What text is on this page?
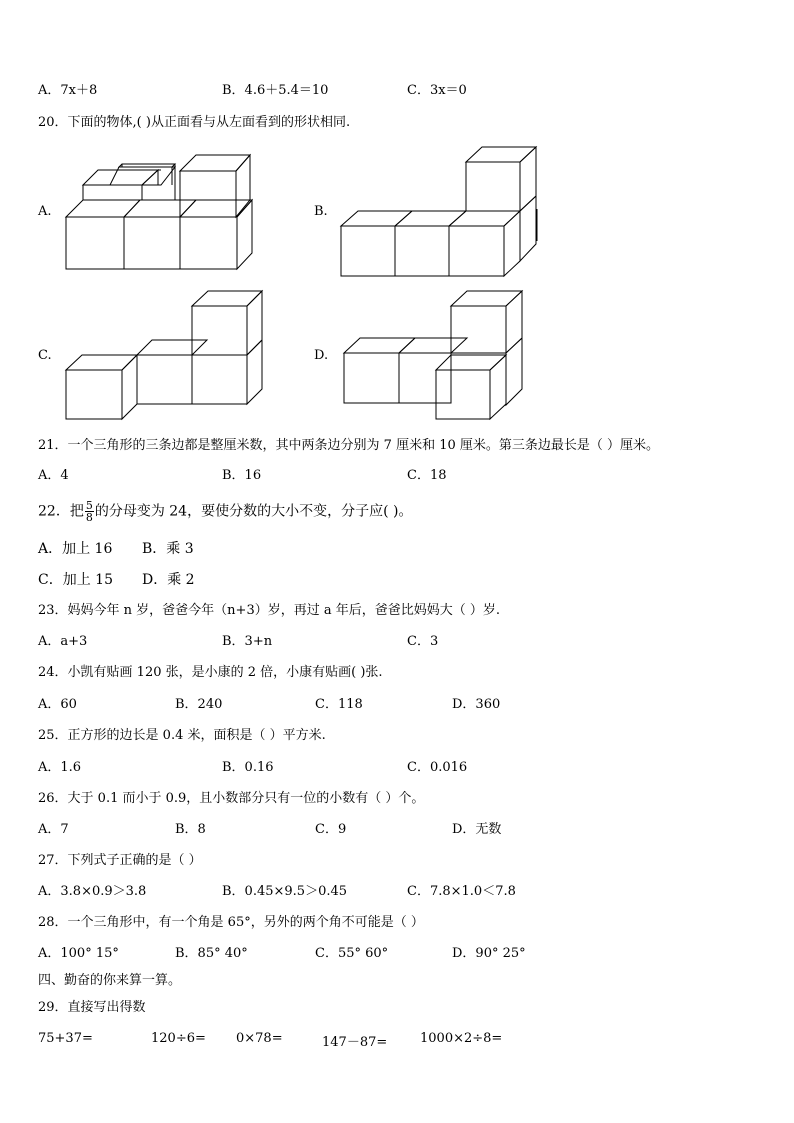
A．7x＋8	B．4.6＋5.4＝10	C．3x＝0
20．下面的物体,( )从正面看与从左面看到的形状相同.
A.	B.
C.	D.
21．一个三角形的三条边都是整厘米数，其中两条边分别为 7 厘米和 10 厘米。第三条边最长是（ ）厘米。
A．4	B．16	C．18
22．把 $\frac{5}{8}$ 的分母变为 24，要使分数的大小不变，分子应( )。
A．加上 16 B．乘 3
C．加上 15 D．乘 2
23．妈妈今年 n 岁，爸爸今年（n+3）岁，再过 a 年后，爸爸比妈妈大（ ）岁.
A．a+3	B．3+n	C．3
24．小凯有贴画 120 张，是小康的 2 倍，小康有贴画( )张.
A．60	B．240	C．118	D．360
25．正方形的边长是 0.4 米，面积是（ ）平方米.
A．1.6	B．0.16	C．0.016
26．大于 0.1 而小于 0.9，且小数部分只有一位的小数有（ ）个。
A．7	B．8	C．9	D．无数
27．下列式子正确的是（ ）
A．3.8×0.9＞3.8	B．0.45×9.5＞0.45	C．7.8×1.0＜7.8
28．一个三角形中，有一个角是 65°，另外的两个角不可能是（ ）
A．100° 15°	B．85° 40°	C．55° 60°	D．90° 25°
四、勤奋的你来算一算。
29．直接写出得数
75+37=	120÷6= 0×78=	147－87=	1000×2÷8=
